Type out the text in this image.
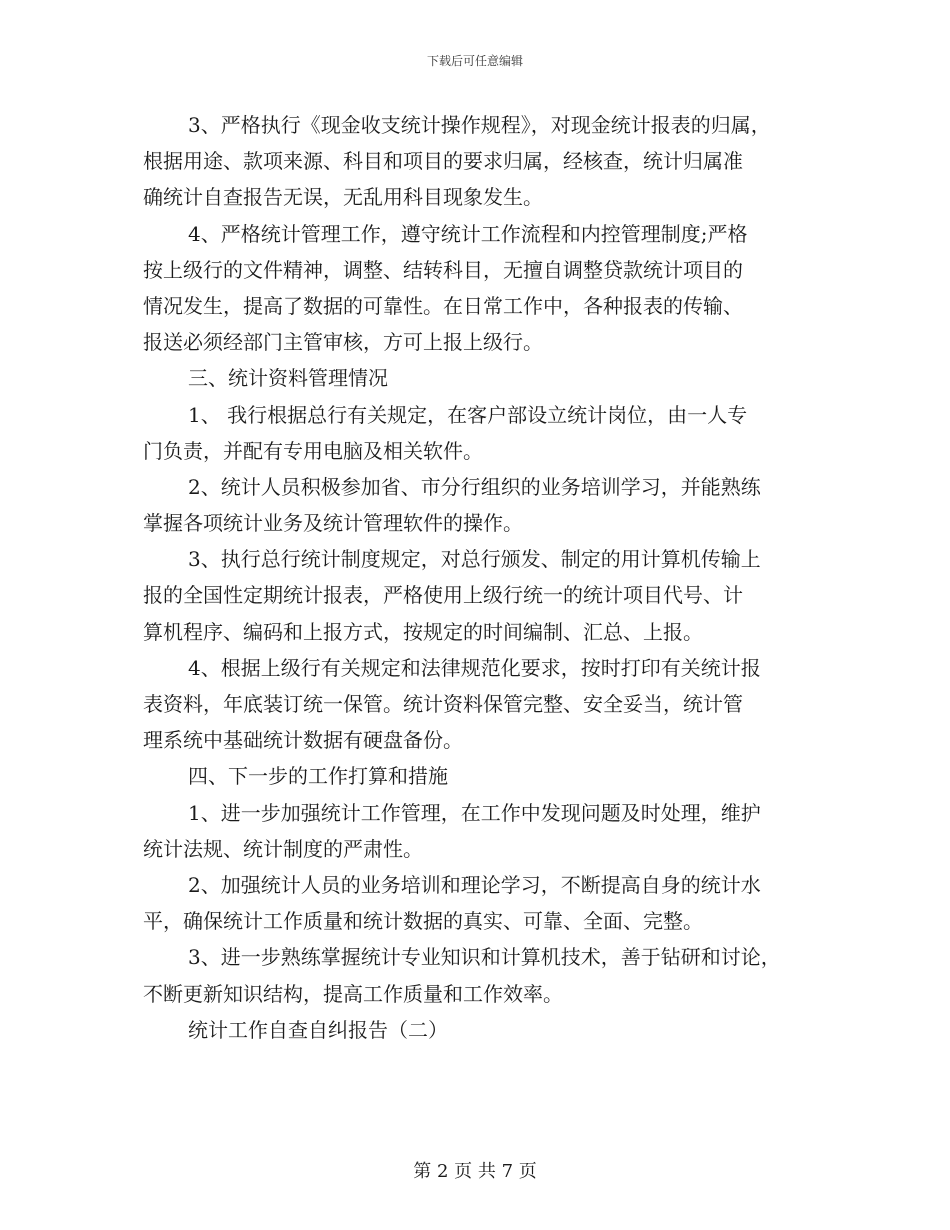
下载后可任意编辑
3、严格执行《现金收支统计操作规程》，对现金统计报表的归属，
根据用途、款项来源、科目和项目的要求归属，经核查，统计归属准
确统计自查报告无误，无乱用科目现象发生。
4、严格统计管理工作，遵守统计工作流程和内控管理制度;严格
按上级行的文件精神，调整、结转科目，无擅自调整贷款统计项目的
情况发生，提高了数据的可靠性。在日常工作中，各种报表的传输、
报送必须经部门主管审核，方可上报上级行。
三、统计资料管理情况
1、 我行根据总行有关规定，在客户部设立统计岗位，由一人专
门负责，并配有专用电脑及相关软件。
2、统计人员积极参加省、市分行组织的业务培训学习，并能熟练
掌握各项统计业务及统计管理软件的操作。
3、执行总行统计制度规定，对总行颁发、制定的用计算机传输上
报的全国性定期统计报表，严格使用上级行统一的统计项目代号、计
算机程序、编码和上报方式，按规定的时间编制、汇总、上报。
4、根据上级行有关规定和法律规范化要求，按时打印有关统计报
表资料，年底装订统一保管。统计资料保管完整、安全妥当，统计管
理系统中基础统计数据有硬盘备份。
四、下一步的工作打算和措施
1、进一步加强统计工作管理，在工作中发现问题及时处理，维护
统计法规、统计制度的严肃性。
2、加强统计人员的业务培训和理论学习，不断提高自身的统计水
平，确保统计工作质量和统计数据的真实、可靠、全面、完整。
3、进一步熟练掌握统计专业知识和计算机技术，善于钻研和讨论，
不断更新知识结构，提高工作质量和工作效率。
统计工作自查自纠报告（二）
第 2 页 共 7 页
